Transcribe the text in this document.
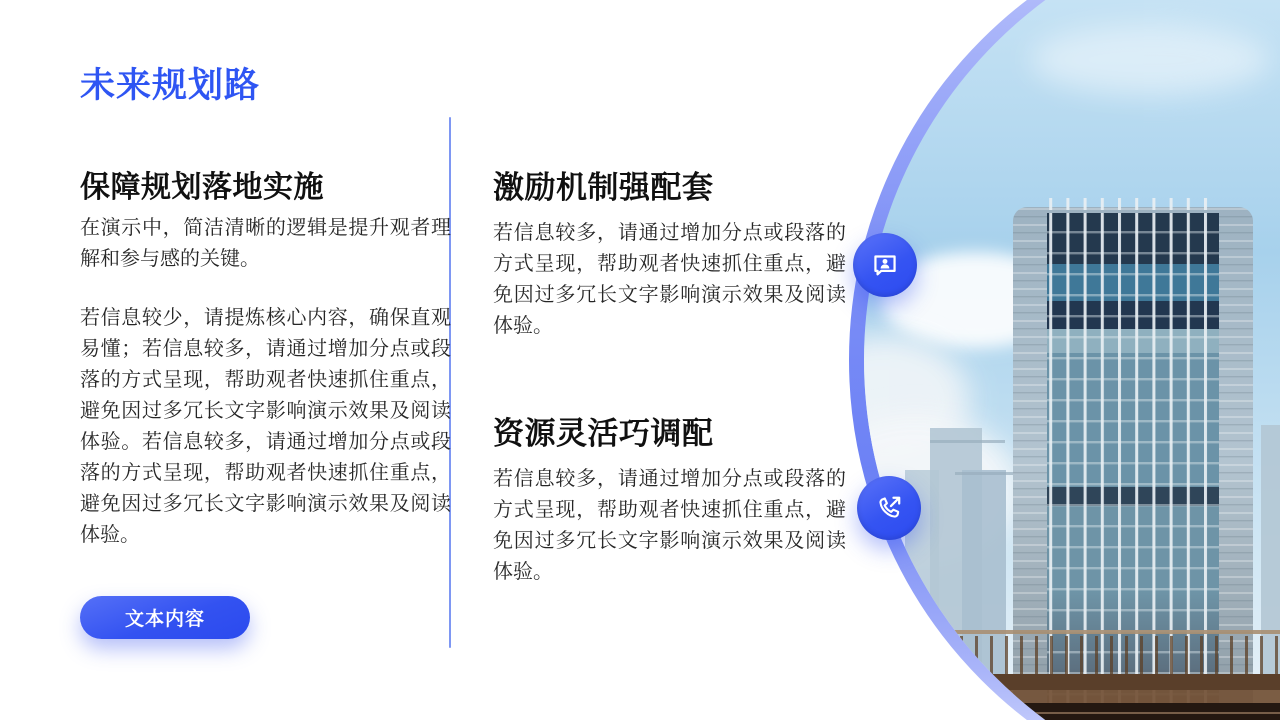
未来规划路
保障规划落地实施

在演示中，简洁清晰的逻辑是提升观者理解和参与感的关键。

若信息较少，请提炼核心内容，确保直观易懂；若信息较多，请通过增加分点或段落的方式呈现，帮助观者快速抓住重点，避免因过多冗长文字影响演示效果及阅读体验。若信息较多，请通过增加分点或段落的方式呈现，帮助观者快速抓住重点，避免因过多冗长文字影响演示效果及阅读体验。

激励机制强配套

若信息较多，请通过增加分点或段落的方式呈现，帮助观者快速抓住重点，避免因过多冗长文字影响演示效果及阅读体验。

资源灵活巧调配

若信息较多，请通过增加分点或段落的方式呈现，帮助观者快速抓住重点，避免因过多冗长文字影响演示效果及阅读体验。

文本内容
